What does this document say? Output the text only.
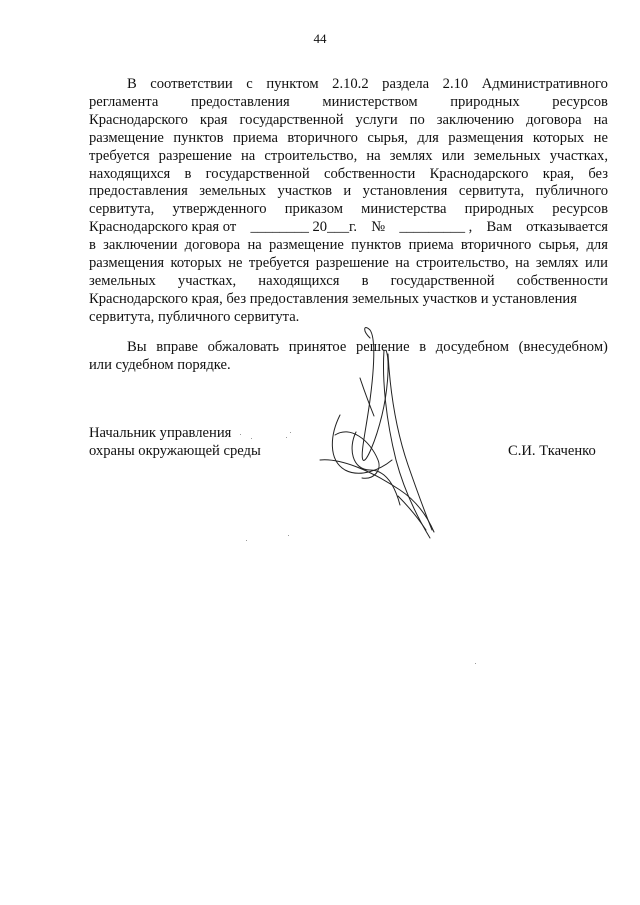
44
В соответствии с пунктом 2.10.2 раздела 2.10 Административного
регламента предоставления министерством природных ресурсов
Краснодарского края государственной услуги по заключению договора на
размещение пунктов приема вторичного сырья, для размещения которых не
требуется разрешение на строительство, на землях или земельных участках,
находящихся в государственной собственности Краснодарского края, без
предоставления земельных участков и установления сервитута, публичного
сервитута, утвержденного приказом министерства природных ресурсов
Краснодарского края от ________ 20___г. № _________ , Вам отказывается
в заключении договора на размещение пунктов приема вторичного сырья, для
размещения которых не требуется разрешение на строительство, на землях или
земельных участках, находящихся в государственной собственности
Краснодарского края, без предоставления земельных участков и установления
сервитута, публичного сервитута.
Вы вправе обжаловать принятое решение в досудебном (внесудебном)
или судебном порядке.
Начальник управления
охраны окружающей среды	С.И. Ткаченко
